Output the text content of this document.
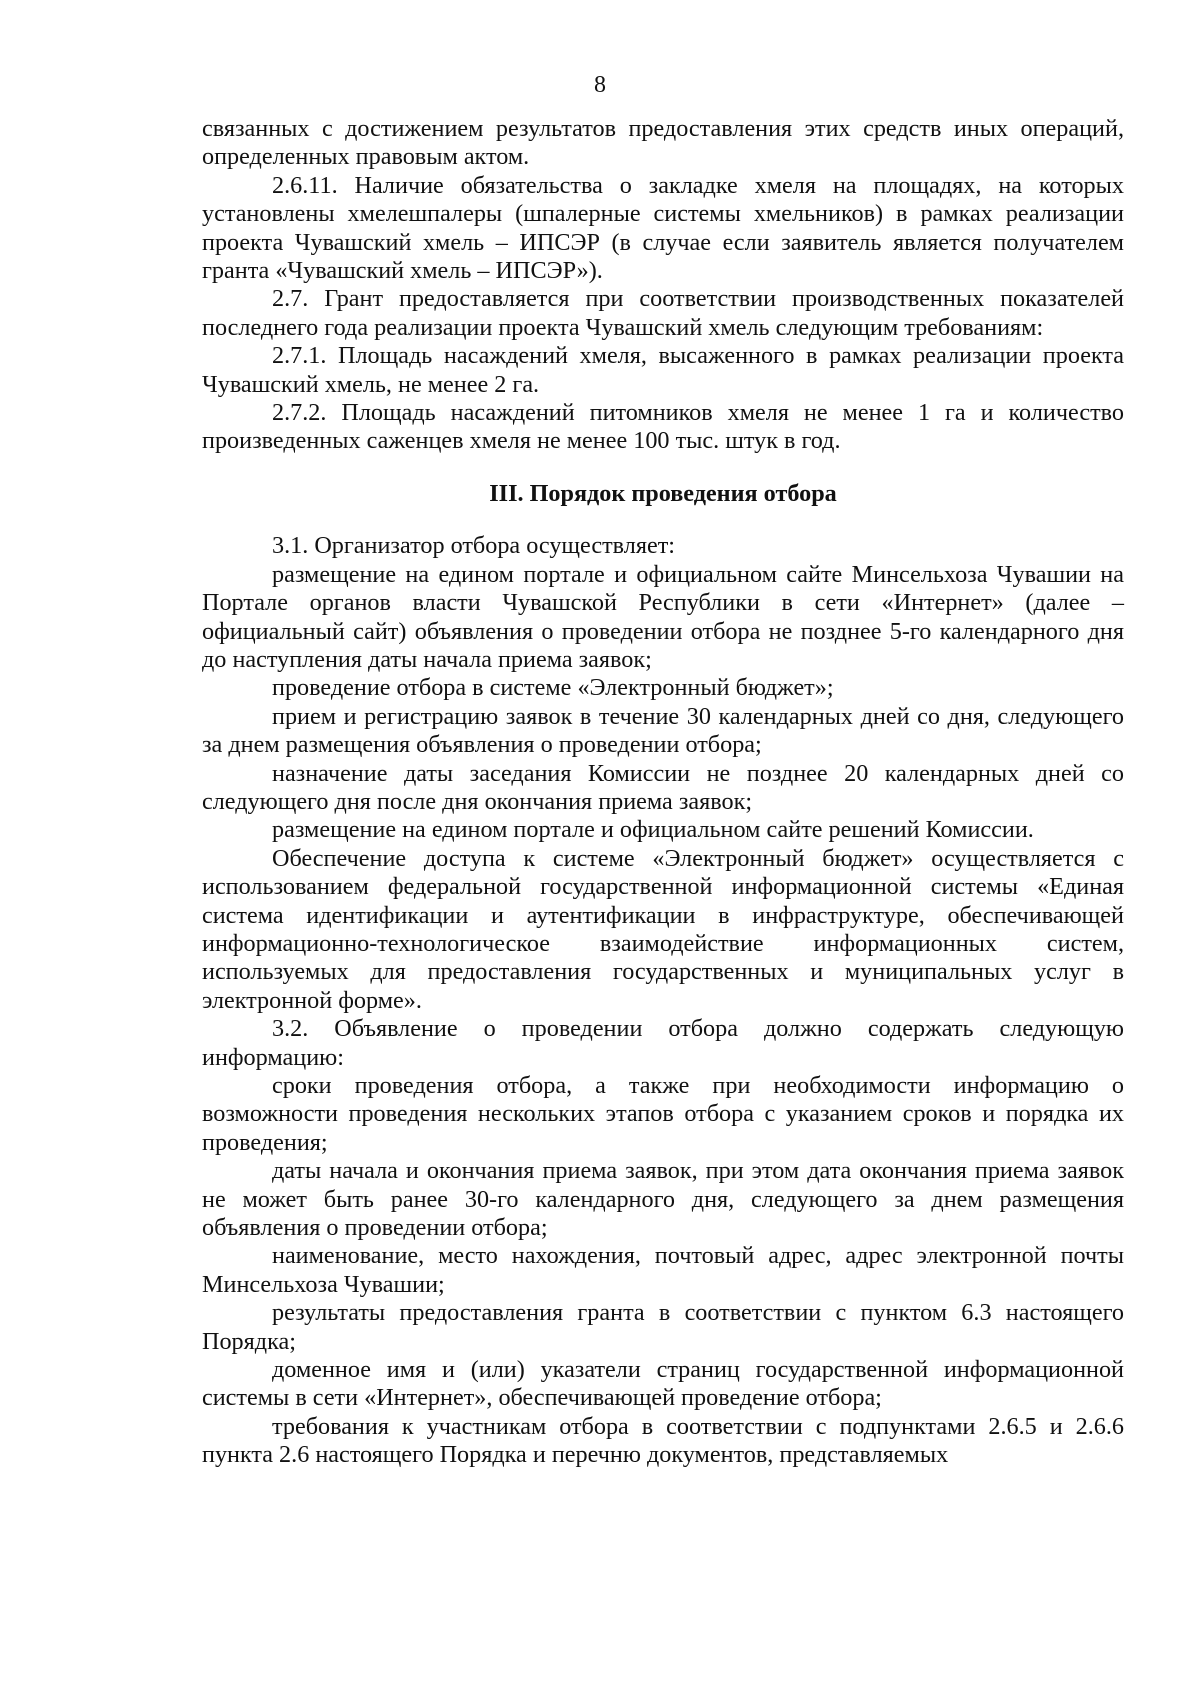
8

связанных с достижением результатов предоставления этих средств иных операций, определенных правовым актом.

2.6.11. Наличие обязательства о закладке хмеля на площадях, на которых установлены хмелешпалеры (шпалерные системы хмельников) в рамках реализации проекта Чувашский хмель – ИПСЭР (в случае если заявитель является получателем гранта «Чувашский хмель – ИПСЭР»).

2.7. Грант предоставляется при соответствии производственных показателей последнего года реализации проекта Чувашский хмель следующим требованиям:

2.7.1. Площадь насаждений хмеля, высаженного в рамках реализации проекта Чувашский хмель, не менее 2 га.

2.7.2. Площадь насаждений питомников хмеля не менее 1 га и количество произведенных саженцев хмеля не менее 100 тыс. штук в год.

III. Порядок проведения отбора

3.1. Организатор отбора осуществляет:

размещение на едином портале и официальном сайте Минсельхоза Чувашии на Портале органов власти Чувашской Республики в сети «Интернет» (далее – официальный сайт) объявления о проведении отбора не позднее 5-го календарного дня до наступления даты начала приема заявок;

проведение отбора в системе «Электронный бюджет»;

прием и регистрацию заявок в течение 30 календарных дней со дня, следующего за днем размещения объявления о проведении отбора;

назначение даты заседания Комиссии не позднее 20 календарных дней со следующего дня после дня окончания приема заявок;

размещение на едином портале и официальном сайте решений Комиссии.

Обеспечение доступа к системе «Электронный бюджет» осуществляется с использованием федеральной государственной информационной системы «Единая система идентификации и аутентификации в инфраструктуре, обеспечивающей информационно-технологическое взаимодействие информационных систем, используемых для предоставления государственных и муниципальных услуг в электронной форме».

3.2. Объявление о проведении отбора должно содержать следующую информацию:

сроки проведения отбора, а также при необходимости информацию о возможности проведения нескольких этапов отбора с указанием сроков и порядка их проведения;

даты начала и окончания приема заявок, при этом дата окончания приема заявок не может быть ранее 30-го календарного дня, следующего за днем размещения объявления о проведении отбора;

наименование, место нахождения, почтовый адрес, адрес электронной почты Минсельхоза Чувашии;

результаты предоставления гранта в соответствии с пунктом 6.3 настоящего Порядка;

доменное имя и (или) указатели страниц государственной информационной системы в сети «Интернет», обеспечивающей проведение отбора;

требования к участникам отбора в соответствии с подпунктами 2.6.5 и 2.6.6 пункта 2.6 настоящего Порядка и перечню документов, представляемых
